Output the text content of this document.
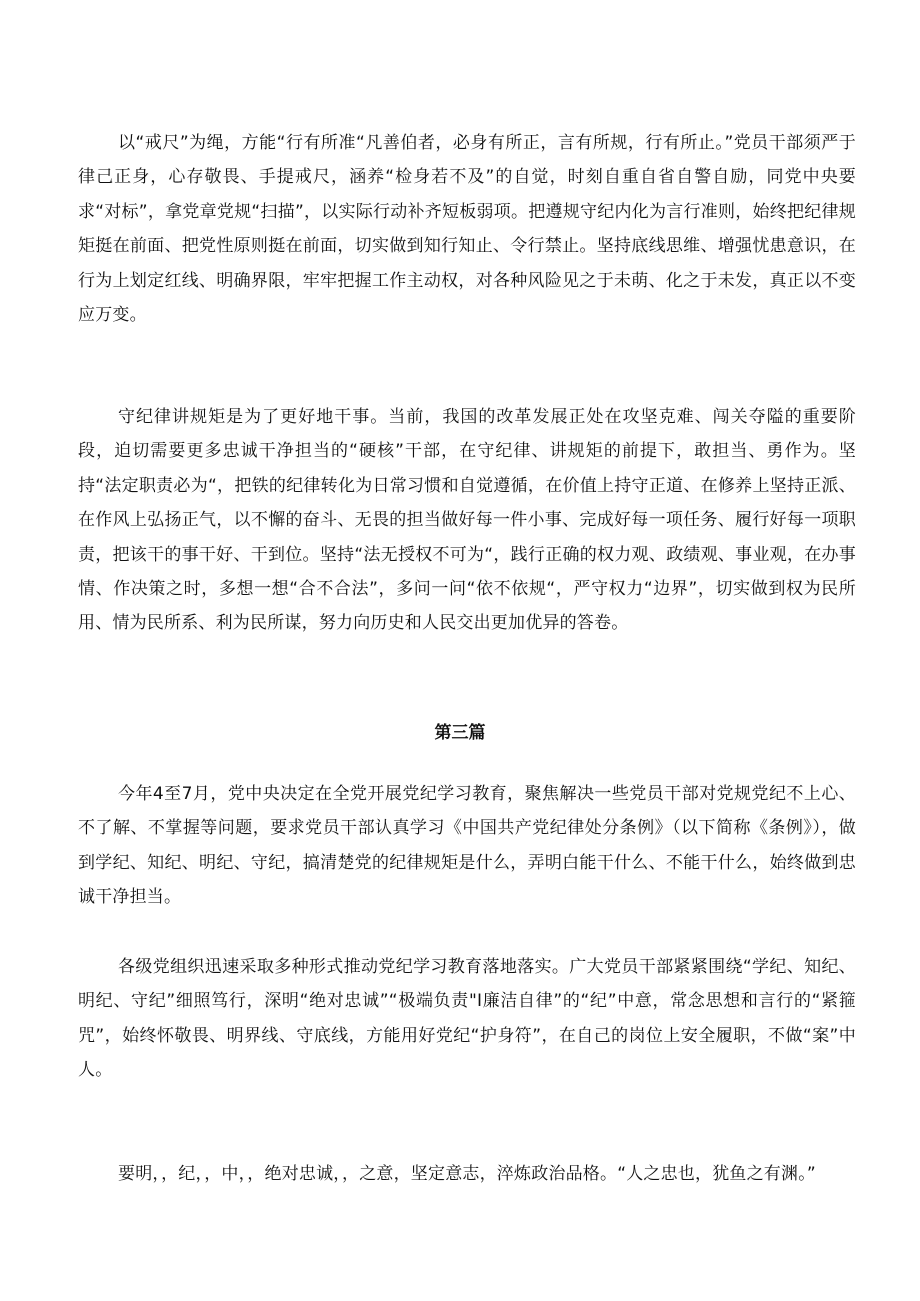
以“戒尺”为绳，方能“行有所准“凡善伯者，必身有所正，言有所规，行有所止。”党员干部须严于律己正身，心存敬畏、手提戒尺，涵养“检身若不及”的自觉，时刻自重自省自警自励，同党中央要求“对标”，拿党章党规“扫描”，以实际行动补齐短板弱项。把遵规守纪内化为言行准则，始终把纪律规矩挺在前面、把党性原则挺在前面，切实做到知行知止、令行禁止。坚持底线思维、增强忧患意识，在行为上划定红线、明确界限，牢牢把握工作主动权，对各种风险见之于未萌、化之于未发，真正以不变应万变。

守纪律讲规矩是为了更好地干事。当前，我国的改革发展正处在攻坚克难、闯关夺隘的重要阶段，迫切需要更多忠诚干净担当的“硬核”干部，在守纪律、讲规矩的前提下，敢担当、勇作为。坚持“法定职责必为“，把铁的纪律转化为日常习惯和自觉遵循，在价值上持守正道、在修养上坚持正派、在作风上弘扬正气，以不懈的奋斗、无畏的担当做好每一件小事、完成好每一项任务、履行好每一项职责，把该干的事干好、干到位。坚持“法无授权不可为“，践行正确的权力观、政绩观、事业观，在办事情、作决策之时，多想一想“合不合法”，多问一问“依不依规“，严守权力“边界”，切实做到权为民所用、情为民所系、利为民所谋，努力向历史和人民交出更加优异的答卷。

第三篇

今年4至7月，党中央决定在全党开展党纪学习教育，聚焦解决一些党员干部对党规党纪不上心、不了解、不掌握等问题，要求党员干部认真学习《中国共产党纪律处分条例》（以下简称《条例》），做到学纪、知纪、明纪、守纪，搞清楚党的纪律规矩是什么，弄明白能干什么、不能干什么，始终做到忠诚干净担当。

各级党组织迅速采取多种形式推动党纪学习教育落地落实。广大党员干部紧紧围绕“学纪、知纪、明纪、守纪”细照笃行，深明“绝对忠诚”“极端负责"I廉洁自律”的“纪”中意，常念思想和言行的“紧箍咒”，始终怀敬畏、明界线、守底线，方能用好党纪“护身符”，在自己的岗位上安全履职，不做“案”中人。

要明，，纪，，中，，绝对忠诚，，之意，坚定意志，淬炼政治品格。“人之忠也，犹鱼之有渊。”
